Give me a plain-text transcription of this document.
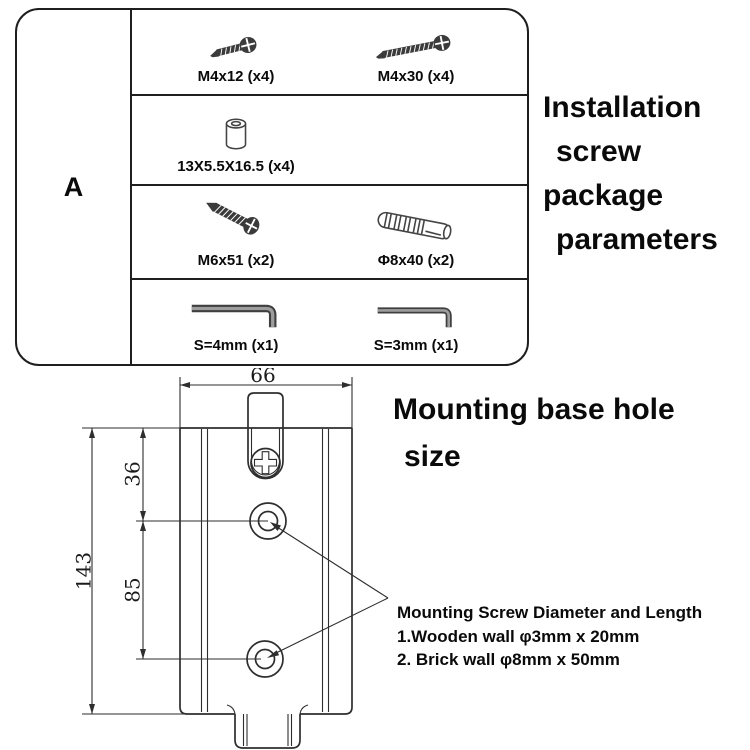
A
M4x12 (x4)	M4x30 (x4)
13X5.5X16.5 (x4)
M6x51 (x2)	Φ8x40 (x2)
S=4mm (x1)	S=3mm (x1)
Installation
screw
package
parameters
Mounting base hole
size
66
143
36
85
Mounting Screw Diameter and Length
1.Wooden wall φ3mm x 20mm
2. Brick wall φ8mm x 50mm
